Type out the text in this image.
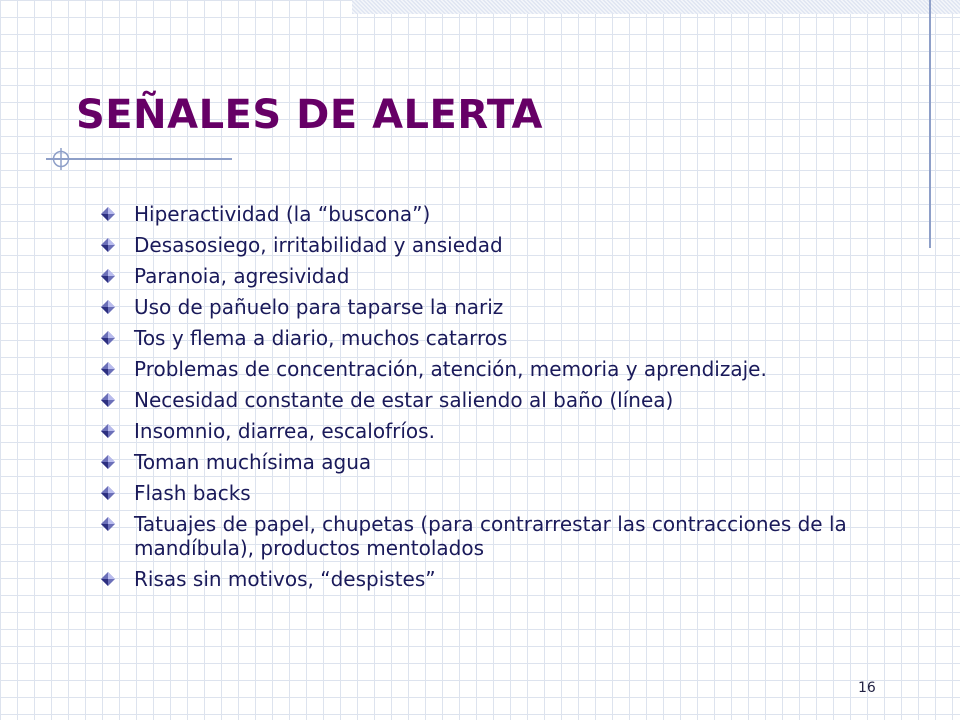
SEÑALES DE ALERTA
Hiperactividad (la “buscona”)
Desasosiego, irritabilidad y ansiedad
Paranoia, agresividad
Uso de pañuelo para taparse la nariz
Tos y flema a diario, muchos catarros
Problemas de concentración, atención, memoria y aprendizaje.
Necesidad constante de estar saliendo al baño (línea)
Insomnio, diarrea, escalofríos.
Toman muchísima agua
Flash backs
Tatuajes de papel, chupetas (para contrarrestar las contracciones de la mandíbula), productos mentolados
Risas sin motivos, “despistes”
16
